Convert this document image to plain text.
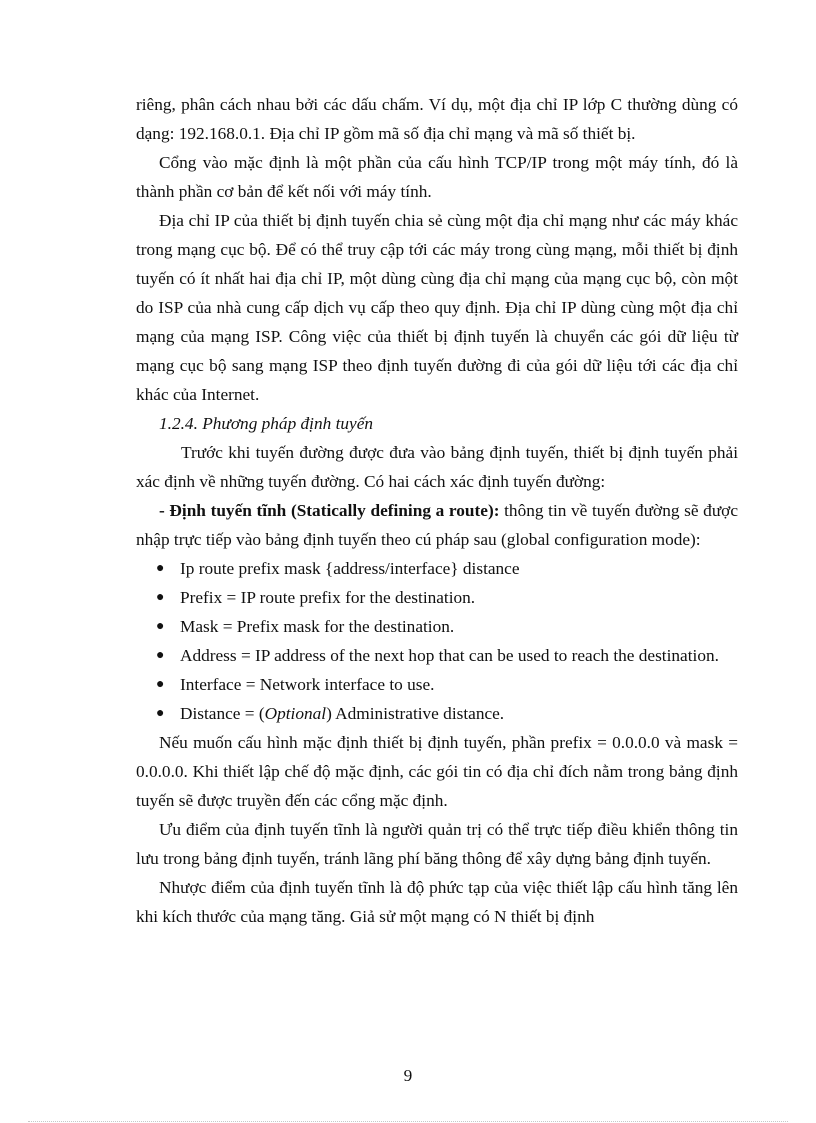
riêng, phân cách nhau bởi các dấu chấm. Ví dụ, một địa chỉ IP lớp C thường dùng có dạng: 192.168.0.1. Địa chỉ IP gồm mã số địa chỉ mạng và mã số thiết bị.

Cổng vào mặc định là một phần của cấu hình TCP/IP trong một máy tính, đó là thành phần cơ bản để kết nối với máy tính.

Địa chỉ IP của thiết bị định tuyến chia sẻ cùng một địa chỉ mạng như các máy khác trong mạng cục bộ. Để có thể truy cập tới các máy trong cùng mạng, mỗi thiết bị định tuyến có ít nhất hai địa chỉ IP, một dùng cùng địa chỉ mạng của mạng cục bộ, còn một do ISP của nhà cung cấp dịch vụ cấp theo quy định. Địa chỉ IP dùng cùng một địa chỉ mạng của mạng ISP. Công việc của thiết bị định tuyến là chuyển các gói dữ liệu từ mạng cục bộ sang mạng ISP theo định tuyến đường đi của gói dữ liệu tới các địa chỉ khác của Internet.

1.2.4. Phương pháp định tuyến

Trước khi tuyến đường được đưa vào bảng định tuyến, thiết bị định tuyến phải xác định về những tuyến đường. Có hai cách xác định tuyến đường:

- Định tuyến tĩnh (Statically defining a route): thông tin về tuyến đường sẽ được nhập trực tiếp vào bảng định tuyến theo cú pháp sau (global configuration mode):

● Ip route prefix mask {address/interface} distance
● Prefix = IP route prefix for the destination.
● Mask = Prefix mask for the destination.
● Address = IP address of the next hop that can be used to reach the destination.
● Interface = Network interface to use.
● Distance = (Optional) Administrative distance.

Nếu muốn cấu hình mặc định thiết bị định tuyến, phần prefix = 0.0.0.0 và mask = 0.0.0.0. Khi thiết lập chế độ mặc định, các gói tin có địa chỉ đích nằm trong bảng định tuyến sẽ được truyền đến các cổng mặc định.

Ưu điểm của định tuyến tĩnh là người quản trị có thể trực tiếp điều khiển thông tin lưu trong bảng định tuyến, tránh lãng phí băng thông để xây dựng bảng định tuyến.

Nhược điểm của định tuyến tĩnh là độ phức tạp của việc thiết lập cấu hình tăng lên khi kích thước của mạng tăng. Giả sử một mạng có N thiết bị định

9
